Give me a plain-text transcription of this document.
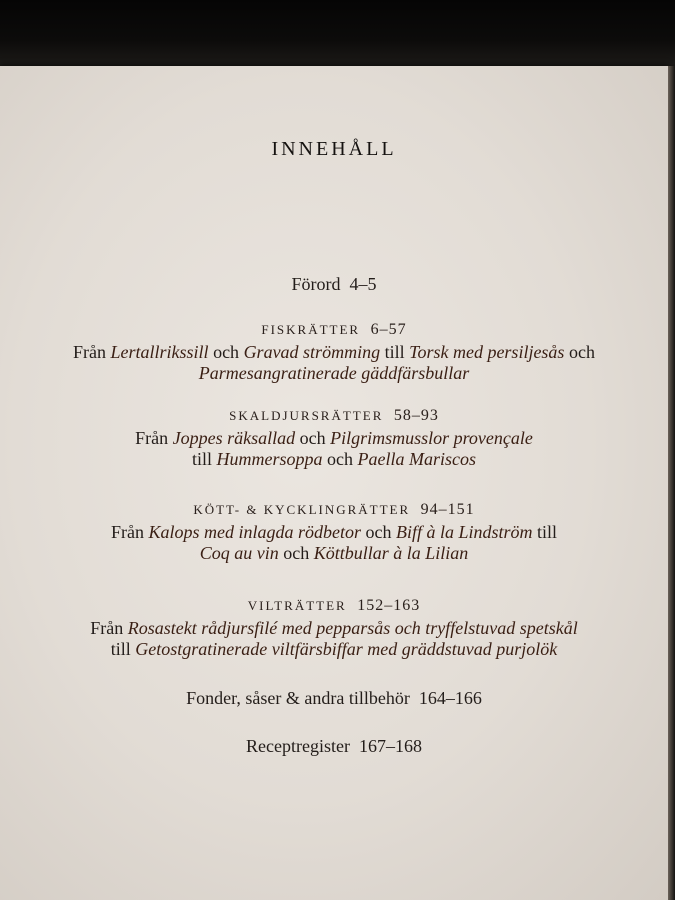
INNEHÅLL
Förord 4–5
FISKRÄTTER 6–57
Från Lertallrikssill och Gravad strömming till Torsk med persiljesås och
Parmesangratinerade gäddfärsbullar
SKALDJURSRÄTTER 58–93
Från Joppes räksallad och Pilgrimsmusslor provençale
till Hummersoppa och Paella Mariscos
KÖTT- & KYCKLINGRÄTTER 94–151
Från Kalops med inlagda rödbetor och Biff à la Lindström till
Coq au vin och Köttbullar à la Lilian
VILTRÄTTER 152–163
Från Rosastekt rådjursfilé med pepparsås och tryffelstuvad spetskål
till Getostgratinerade viltfärsbiffar med gräddstuvad purjolök
Fonder, såser & andra tillbehör 164–166
Receptregister 167–168
